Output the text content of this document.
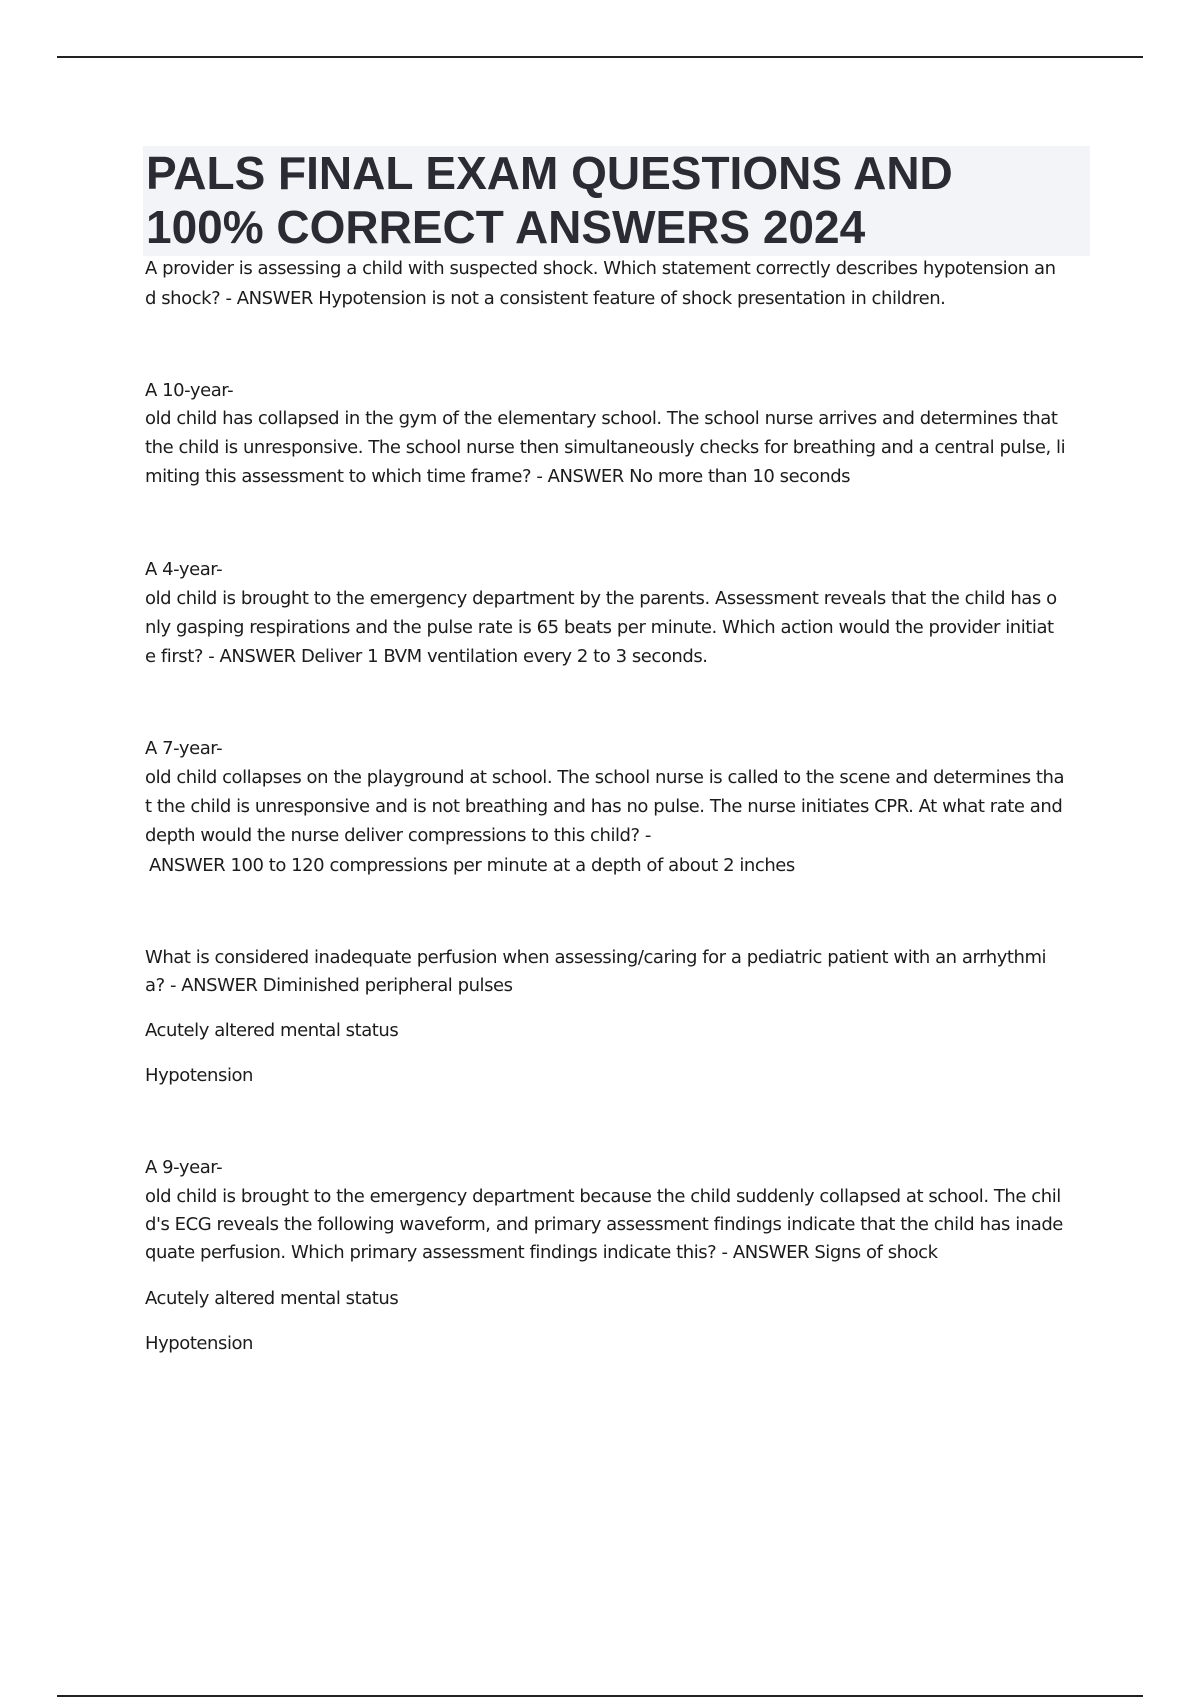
PALS FINAL EXAM QUESTIONS AND
100% CORRECT ANSWERS 2024
A provider is assessing a child with suspected shock. Which statement correctly describes hypotension an
d shock? - ANSWER Hypotension is not a consistent feature of shock presentation in children.
A 10-year-
old child has collapsed in the gym of the elementary school. The school nurse arrives and determines that
the child is unresponsive. The school nurse then simultaneously checks for breathing and a central pulse, li
miting this assessment to which time frame? - ANSWER No more than 10 seconds
A 4-year-
old child is brought to the emergency department by the parents. Assessment reveals that the child has o
nly gasping respirations and the pulse rate is 65 beats per minute. Which action would the provider initiat
e first? - ANSWER Deliver 1 BVM ventilation every 2 to 3 seconds.
A 7-year-
old child collapses on the playground at school. The school nurse is called to the scene and determines tha
t the child is unresponsive and is not breathing and has no pulse. The nurse initiates CPR. At what rate and
depth would the nurse deliver compressions to this child? -
ANSWER 100 to 120 compressions per minute at a depth of about 2 inches
What is considered inadequate perfusion when assessing/caring for a pediatric patient with an arrhythmi
a? - ANSWER Diminished peripheral pulses
Acutely altered mental status
Hypotension
A 9-year-
old child is brought to the emergency department because the child suddenly collapsed at school. The chil
d's ECG reveals the following waveform, and primary assessment findings indicate that the child has inade
quate perfusion. Which primary assessment findings indicate this? - ANSWER Signs of shock
Acutely altered mental status
Hypotension
